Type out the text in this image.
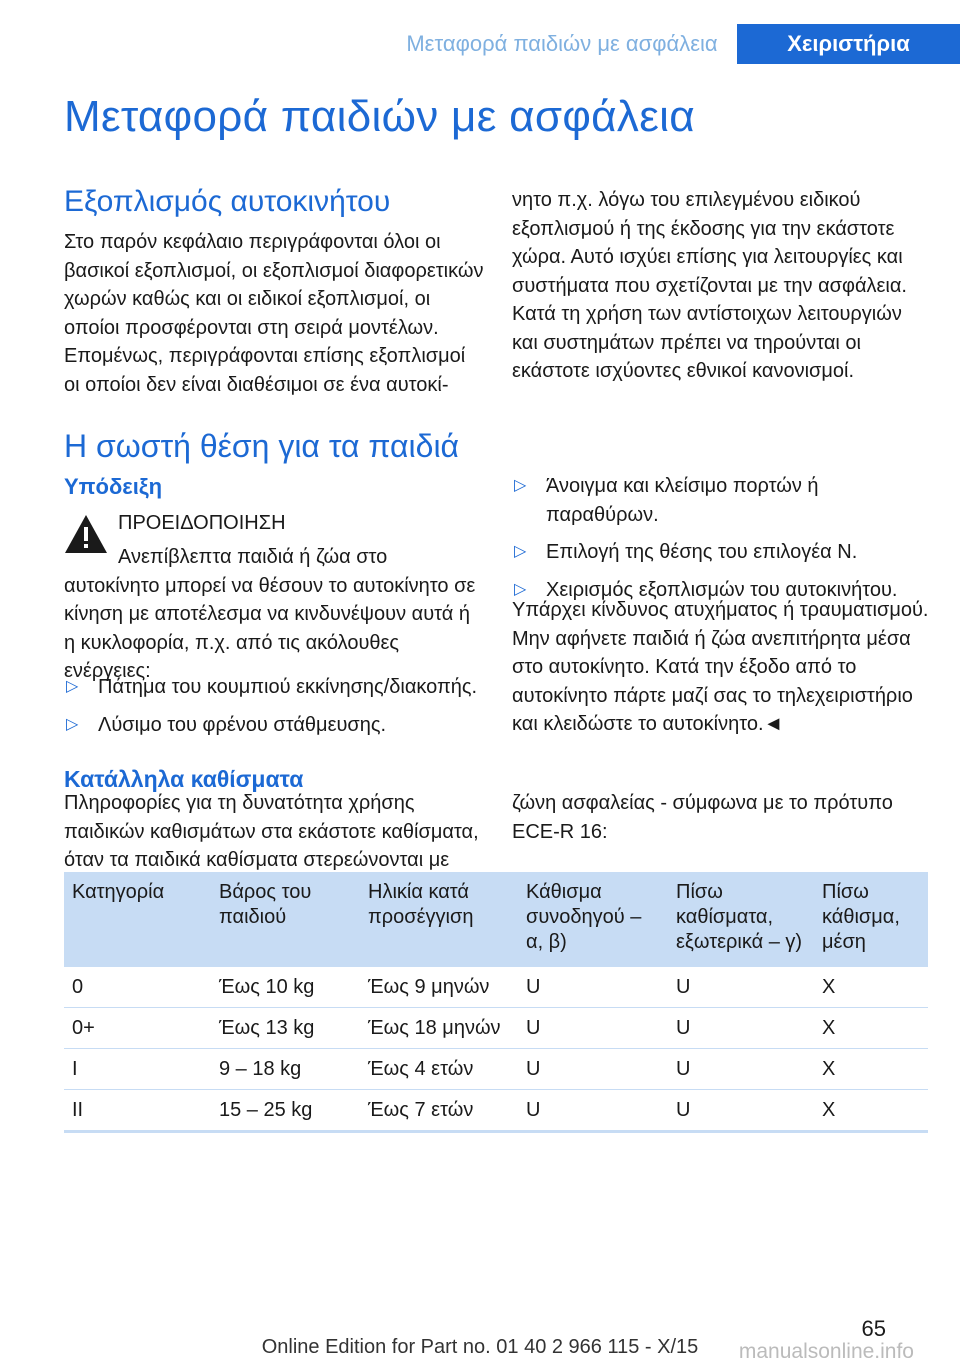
Μεταφορά παιδιών με ασφάλεια	Χειριστήρια
Μεταφορά παιδιών με ασφάλεια
Εξοπλισμός αυτοκινήτου

Στο παρόν κεφάλαιο περιγράφονται όλοι οι βασικοί εξοπλισμοί, οι εξοπλισμοί διαφορετικών χωρών καθώς και οι ειδικοί εξοπλισμοί, οι οποίοι προσφέρονται στη σειρά μοντέλων. Επομένως, περιγράφονται επίσης εξοπλισμοί οι οποίοι δεν είναι διαθέσιμοι σε ένα αυτοκί-

νητο π.χ. λόγω του επιλεγμένου ειδικού εξοπλισμού ή της έκδοσης για την εκάστοτε χώρα. Αυτό ισχύει επίσης για λειτουργίες και συστήματα που σχετίζονται με την ασφάλεια. Κατά τη χρήση των αντίστοιχων λειτουργιών και συστημάτων πρέπει να τηρούνται οι εκάστοτε ισχύοντες εθνικοί κανονισμοί.

Η σωστή θέση για τα παιδιά
Υπόδειξη

ΠΡΟΕΙΔΟΠΟΙΗΣΗ

Ανεπίβλεπτα παιδιά ή ζώα στο αυτοκίνητο μπορεί να θέσουν το αυτοκίνητο σε κίνηση με αποτέλεσμα να κινδυνέψουν αυτά ή η κυκλοφορία, π.χ. από τις ακόλουθες ενέργειες:

▷ Πάτημα του κουμπιού εκκίνησης/διακοπής.
▷ Λύσιμο του φρένου στάθμευσης.
▷ Άνοιγμα και κλείσιμο πορτών ή παραθύρων.
▷ Επιλογή της θέσης του επιλογέα N.
▷ Χειρισμός εξοπλισμών του αυτοκινήτου.

Υπάρχει κίνδυνος ατυχήματος ή τραυματισμού. Μην αφήνετε παιδιά ή ζώα ανεπιτήρητα μέσα στο αυτοκίνητο. Κατά την έξοδο από το αυτοκίνητο πάρτε μαζί σας το τηλεχειριστήριο και κλειδώστε το αυτοκίνητο.◄

Κατάλληλα καθίσματα

Πληροφορίες για τη δυνατότητα χρήσης παιδικών καθισμάτων στα εκάστοτε καθίσματα, όταν τα παιδικά καθίσματα στερεώνονται με

ζώνη ασφαλείας - σύμφωνα με το πρότυπο ECE-R 16:

Κατηγορία	Βάρος του παιδιού	Ηλικία κατά προσέγγιση	Κάθισμα συνοδηγού – α, β)	Πίσω καθίσματα, εξωτερικά – γ)	Πίσω κάθισμα, μέση
0	Έως 10 kg	Έως 9 μηνών	U	U	X
0+	Έως 13 kg	Έως 18 μηνών	U	U	X
I	9 – 18 kg	Έως 4 ετών	U	U	X
II	15 – 25 kg	Έως 7 ετών	U	U	X

65

Online Edition for Part no. 01 40 2 966 115 - X/15	manualsonline.info
